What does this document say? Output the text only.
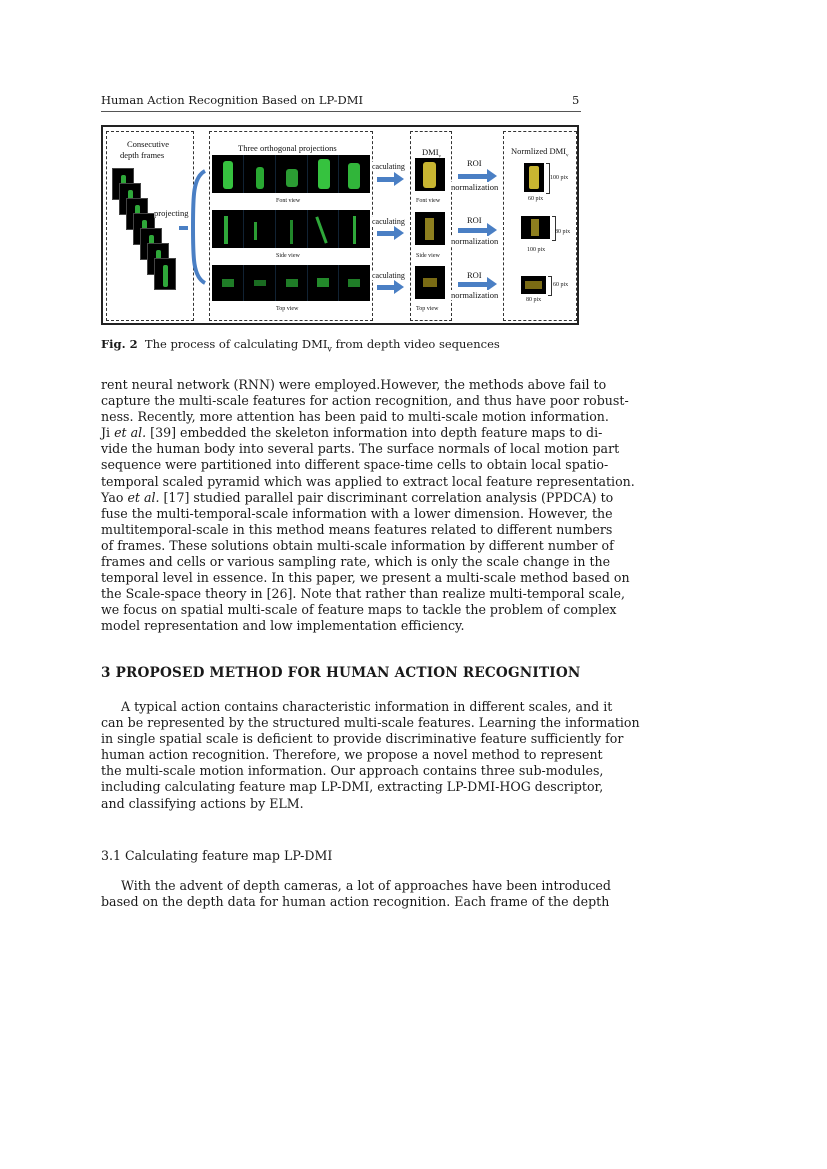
Human Action Recognition Based on LP-DMI	5
Consecutive
depth frames
projecting
Three orthogonal projections
Font view
Side view
Top view
caculating
caculating
caculating
DMI
Font view
Side view
Top view
ROI
normalization
ROI
normalization
ROI
normalization
Normlized $DMI_v$
100 pix
60 pix
80 pix
100 pix
60 pix
80 pix
Fig. 2 The process of calculating $DMI_v$ from depth video sequences
rent neural network (RNN) were employed.However, the methods above fail to
capture the multi-scale features for action recognition, and thus have poor robust-
ness. Recently, more attention has been paid to multi-scale motion information.
Ji et al. [39] embedded the skeleton information into depth feature maps to di-
vide the human body into several parts. The surface normals of local motion part
sequence were partitioned into different space-time cells to obtain local spatio-
temporal scaled pyramid which was applied to extract local feature representation.
Yao et al. [17] studied parallel pair discriminant correlation analysis (PPDCA) to
fuse the multi-temporal-scale information with a lower dimension. However, the
multitemporal-scale in this method means features related to different numbers
of frames. These solutions obtain multi-scale information by different number of
frames and cells or various sampling rate, which is only the scale change in the
temporal level in essence. In this paper, we present a multi-scale method based on
the Scale-space theory in [26]. Note that rather than realize multi-temporal scale,
we focus on spatial multi-scale of feature maps to tackle the problem of complex
model representation and low implementation efficiency.
3 PROPOSED METHOD FOR HUMAN ACTION RECOGNITION
A typical action contains characteristic information in different scales, and it
can be represented by the structured multi-scale features. Learning the information
in single spatial scale is deficient to provide discriminative feature sufficiently for
human action recognition. Therefore, we propose a novel method to represent
the multi-scale motion information. Our approach contains three sub-modules,
including calculating feature map LP-DMI, extracting LP-DMI-HOG descriptor,
and classifying actions by ELM.
3.1 Calculating feature map LP-DMI
With the advent of depth cameras, a lot of approaches have been introduced
based on the depth data for human action recognition. Each frame of the depth
